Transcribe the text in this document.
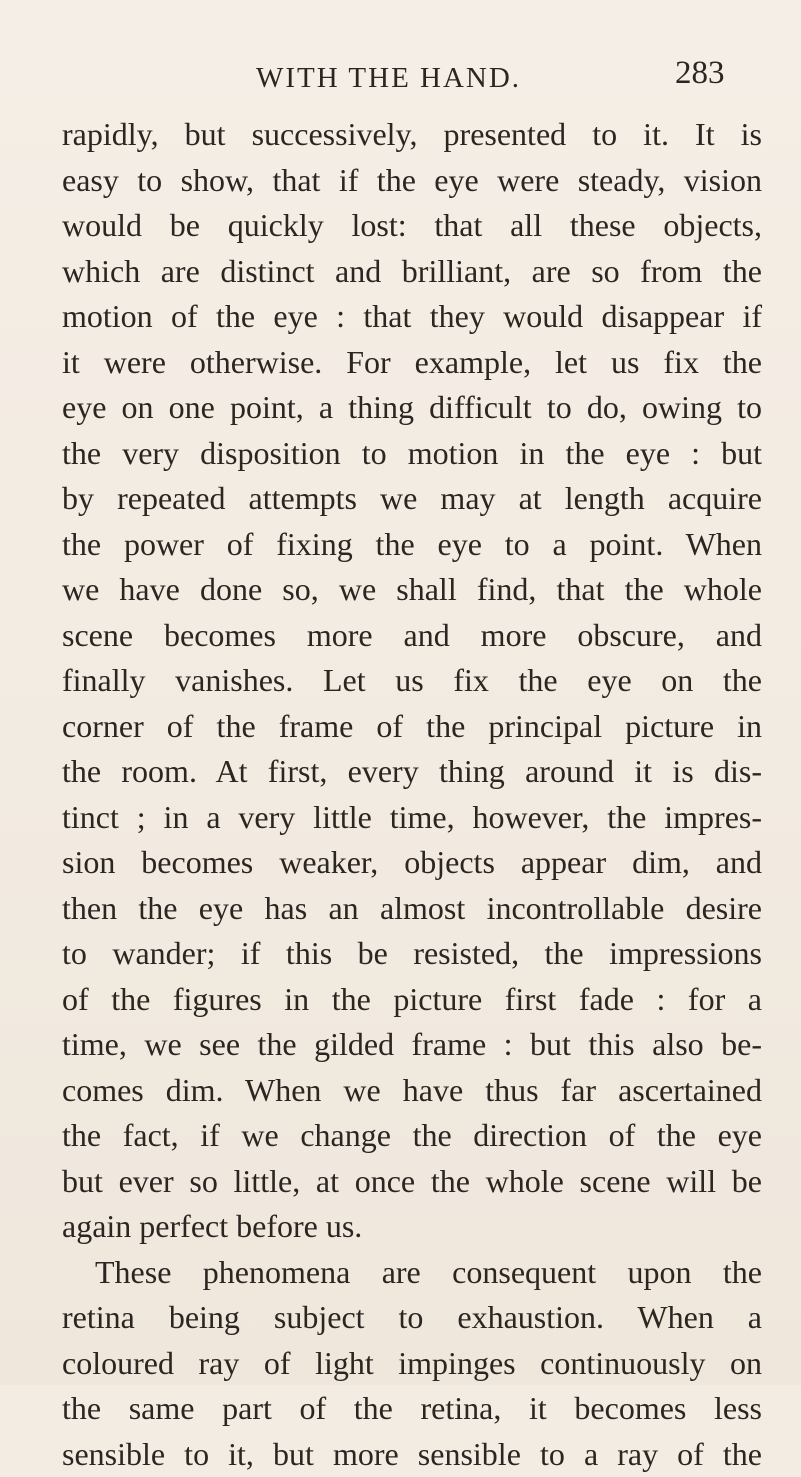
WITH THE HAND.	283
rapidly, but successively, presented to it. It is
easy to show, that if the eye were steady, vision
would be quickly lost: that all these objects,
which are distinct and brilliant, are so from the
motion of the eye : that they would disappear if
it were otherwise. For example, let us fix the
eye on one point, a thing difficult to do, owing to
the very disposition to motion in the eye : but
by repeated attempts we may at length acquire
the power of fixing the eye to a point. When
we have done so, we shall find, that the whole
scene becomes more and more obscure, and
finally vanishes. Let us fix the eye on the
corner of the frame of the principal picture in
the room. At first, every thing around it is dis-
tinct ; in a very little time, however, the impres-
sion becomes weaker, objects appear dim, and
then the eye has an almost incontrollable desire
to wander; if this be resisted, the impressions
of the figures in the picture first fade : for a
time, we see the gilded frame : but this also be-
comes dim. When we have thus far ascertained
the fact, if we change the direction of the eye
but ever so little, at once the whole scene will be
again perfect before us.
These phenomena are consequent upon the
retina being subject to exhaustion. When a
coloured ray of light impinges continuously on
the same part of the retina, it becomes less
sensible to it, but more sensible to a ray of the
